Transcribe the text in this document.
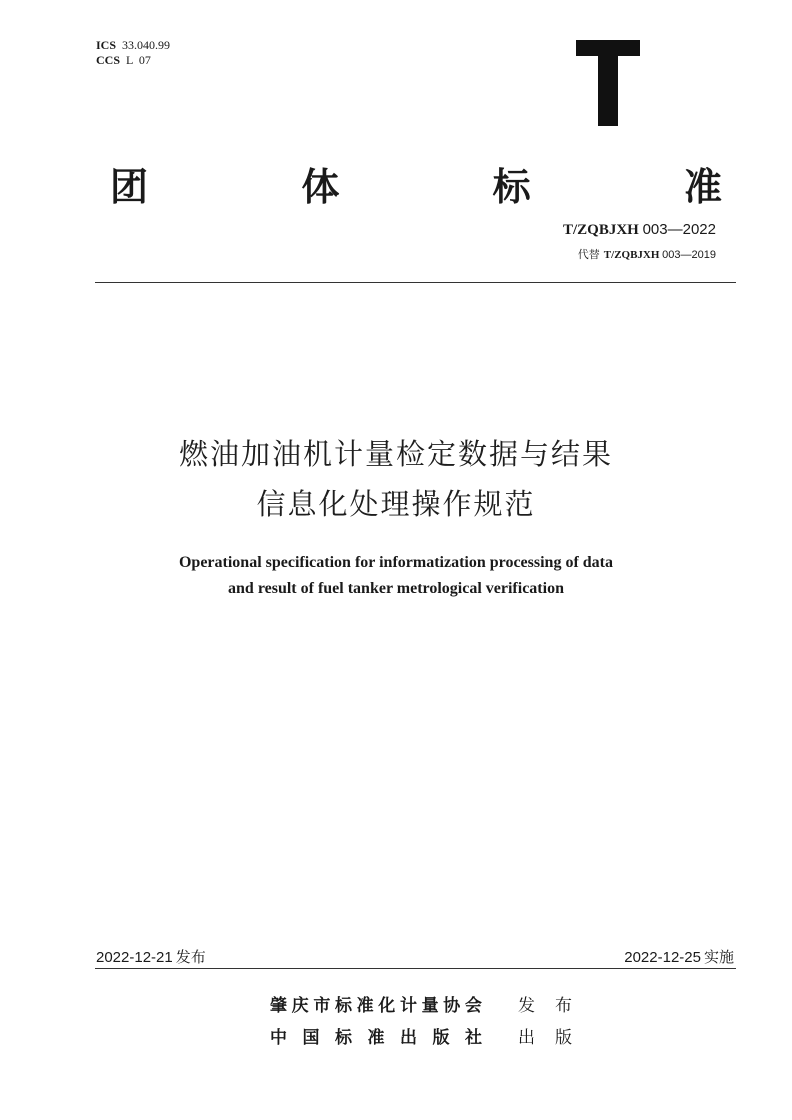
ICS 33.040.99
CCS L  07
团	体	标	准
T/ZQBJXH 003—2022
代替 T/ZQBJXH 003—2019
燃油加油机计量检定数据与结果
信息化处理操作规范
Operational specification for informatization processing of data
and result of fuel tanker metrological verification
2022-12-21 发布	2022-12-25 实施
肇 庆 市 标 准 化 计 量 协 会 发 布
中 国 标 准 出 版 社 出 版
